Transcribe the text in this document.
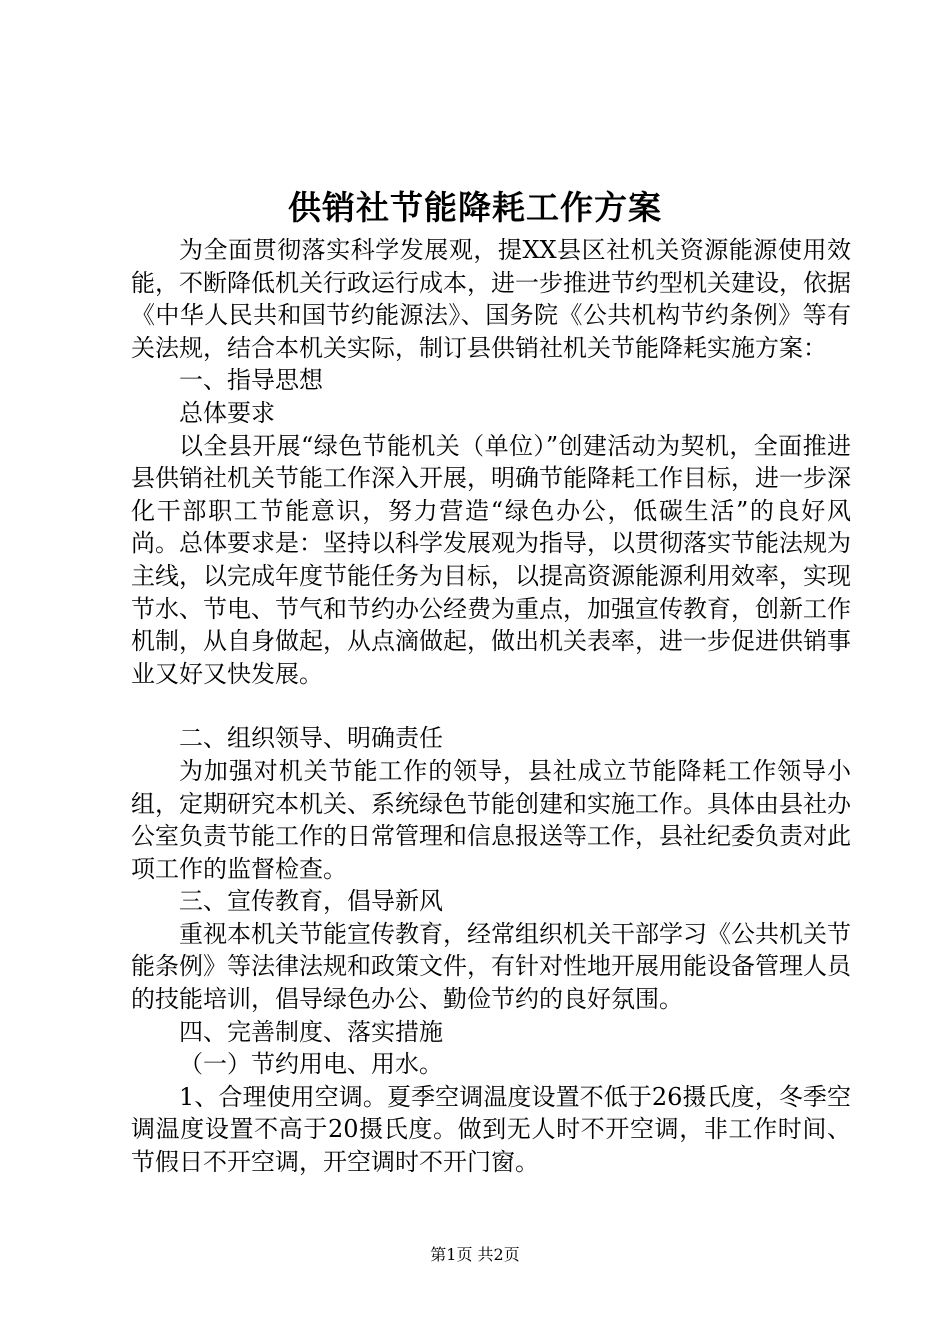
供销社节能降耗工作方案

为全面贯彻落实科学发展观，提XX县区社机关资源能源使用效能，不断降低机关行政运行成本，进一步推进节约型机关建设，依据《中华人民共和国节约能源法》、国务院《公共机构节约条例》等有关法规，结合本机关实际，制订县供销社机关节能降耗实施方案：

一、指导思想

总体要求

以全县开展“绿色节能机关（单位）”创建活动为契机，全面推进县供销社机关节能工作深入开展，明确节能降耗工作目标，进一步深化干部职工节能意识，努力营造“绿色办公，低碳生活”的良好风尚。总体要求是：坚持以科学发展观为指导，以贯彻落实节能法规为主线，以完成年度节能任务为目标，以提高资源能源利用效率，实现节水、节电、节气和节约办公经费为重点，加强宣传教育，创新工作机制，从自身做起，从点滴做起，做出机关表率，进一步促进供销事业又好又快发展。

二、组织领导、明确责任

为加强对机关节能工作的领导，县社成立节能降耗工作领导小组，定期研究本机关、系统绿色节能创建和实施工作。具体由县社办公室负责节能工作的日常管理和信息报送等工作，县社纪委负责对此项工作的监督检查。

三、宣传教育，倡导新风

重视本机关节能宣传教育，经常组织机关干部学习《公共机关节能条例》等法律法规和政策文件，有针对性地开展用能设备管理人员的技能培训，倡导绿色办公、勤俭节约的良好氛围。

四、完善制度、落实措施

（一）节约用电、用水。

1、合理使用空调。夏季空调温度设置不低于26摄氏度，冬季空调温度设置不高于20摄氏度。做到无人时不开空调，非工作时间、节假日不开空调，开空调时不开门窗。

第1页 共2页
